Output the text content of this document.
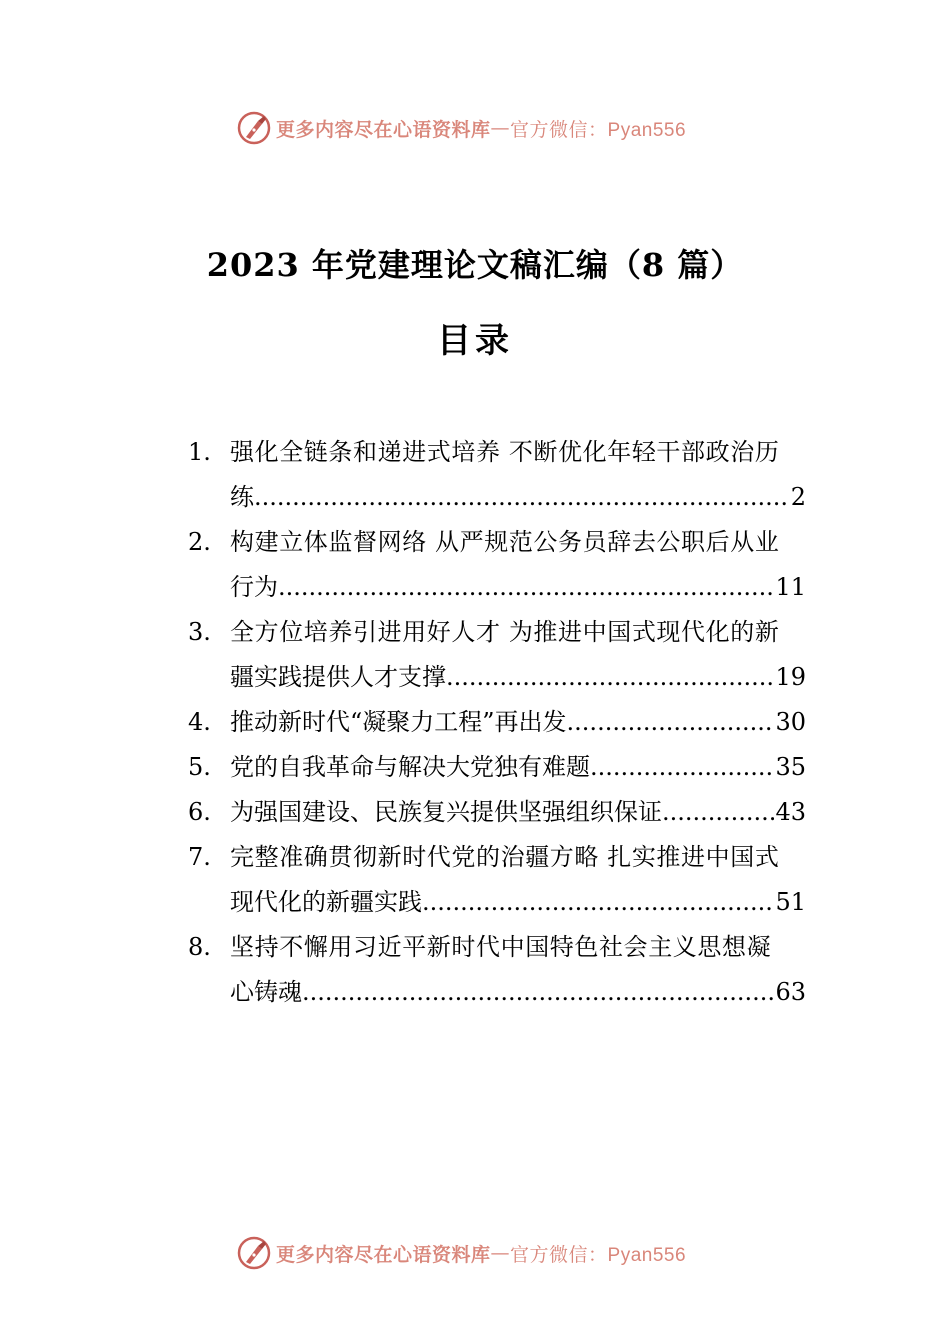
更多内容尽在心语资料库 — 官方微信：Pyan556
2023 年党建理论文稿汇编（8 篇）
目录
1. 强化全链条和递进式培养 不断优化年轻干部政治历
练 .....	2
2. 构建立体监督网络 从严规范公务员辞去公职后从业
行为 .....	11
3. 全方位培养引进用好人才 为推进中国式现代化的新
疆实践提供人才支撑 .....	19
4. 推动新时代“凝聚力工程”再出发 .....	30
5. 党的自我革命与解决大党独有难题 .....	35
6. 为强国建设、民族复兴提供坚强组织保证 .....	43
7. 完整准确贯彻新时代党的治疆方略 扎实推进中国式
现代化的新疆实践 .....	51
8. 坚持不懈用习近平新时代中国特色社会主义思想凝
心铸魂 .....	63
更多内容尽在心语资料库 — 官方微信：Pyan556
